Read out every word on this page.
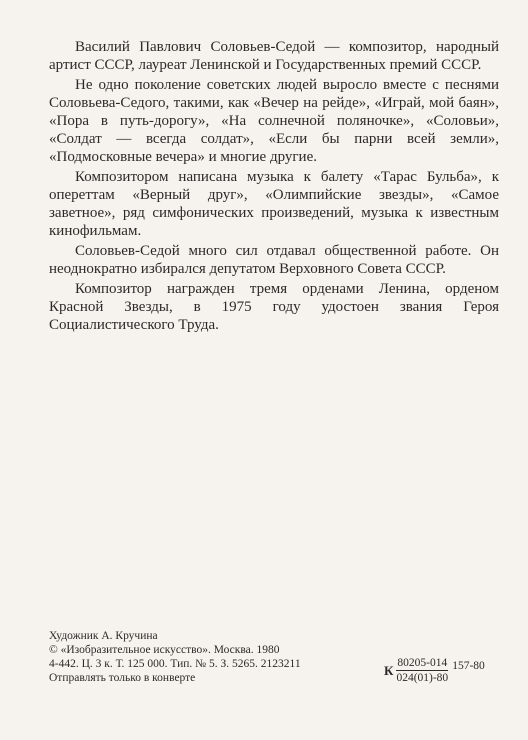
Василий Павлович Соловьев-Седой — композитор, народный артист СССР, лауреат Ленинской и Государственных премий СССР.

Не одно поколение советских людей выросло вместе с песнями Соловьева-Седого, такими, как «Вечер на рейде», «Играй, мой баян», «Пора в путь-дорогу», «На солнечной поляночке», «Соловьи», «Солдат — всегда солдат», «Если бы парни всей земли», «Подмосковные вечера» и многие другие.

Композитором написана музыка к балету «Тарас Бульба», к опереттам «Верный друг», «Олимпийские звезды», «Самое заветное», ряд симфонических произведений, музыка к известным кинофильмам.

Соловьев-Седой много сил отдавал общественной работе. Он неоднократно избирался депутатом Верховного Совета СССР.

Композитор награжден тремя орденами Ленина, орденом Красной Звезды, в 1975 году удостоен звания Героя Социалистического Труда.

Художник А. Кручина
© «Изобразительное искусство». Москва. 1980
4-442. Ц. 3 к. Т. 125 000. Тип. № 5. З. 5265. 2123211
Отправлять только в конверте
К $\frac{80205-014}{024(01)-80} 157-80$
